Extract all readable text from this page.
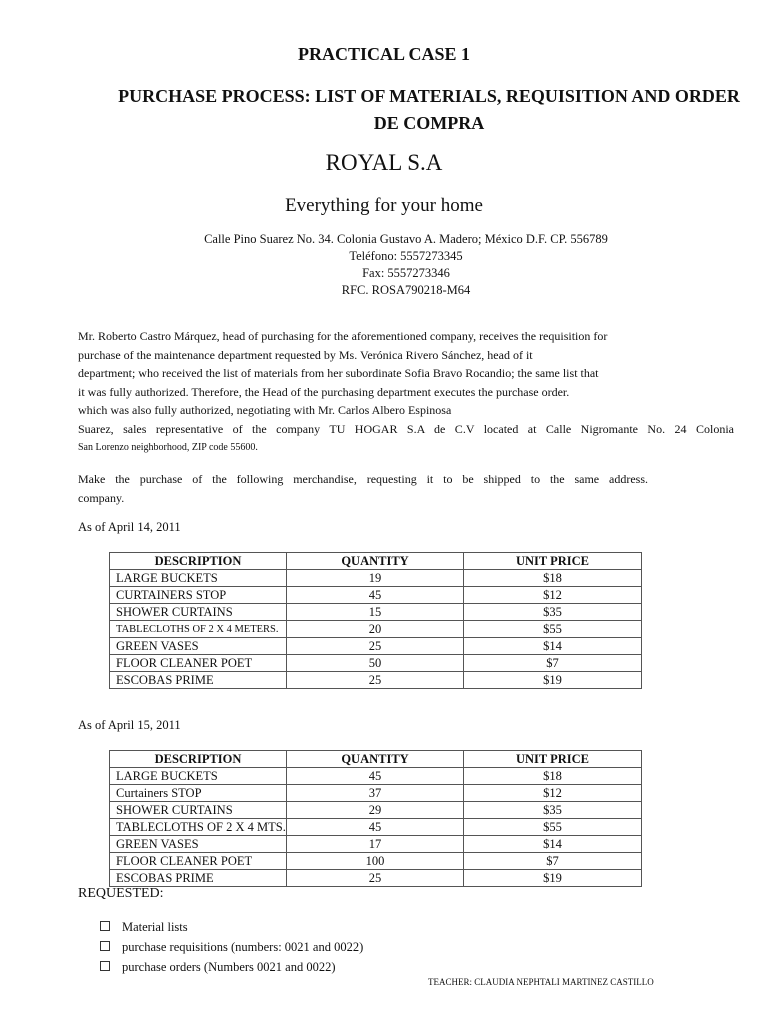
PRACTICAL CASE 1
PURCHASE PROCESS: LIST OF MATERIALS, REQUISITION AND ORDER
DE COMPRA
ROYAL S.A
Everything for your home
Calle Pino Suarez No. 34. Colonia Gustavo A. Madero; México D.F. CP. 556789
Teléfono: 5557273345
Fax: 5557273346
RFC. ROSA790218-M64
Mr. Roberto Castro Márquez, head of purchasing for the aforementioned company, receives the requisition for
purchase of the maintenance department requested by Ms. Verónica Rivero Sánchez, head of it
department; who received the list of materials from her subordinate Sofia Bravo Rocandio; the same list that
it was fully authorized. Therefore, the Head of the purchasing department executes the purchase order.
which was also fully authorized, negotiating with Mr. Carlos Albero Espinosa
Suarez, sales representative of the company TU HOGAR S.A de C.V located at Calle Nigromante No. 24 Colonia
San Lorenzo neighborhood, ZIP code 55600.
Make the purchase of the following merchandise, requesting it to be shipped to the same address.
company.
As of April 14, 2011
DESCRIPTION	QUANTITY	UNIT PRICE
LARGE BUCKETS	19	$18
CURTAINERS STOP	45	$12
SHOWER CURTAINS	15	$35
TABLECLOTHS OF 2 X 4 METERS.	20	$55
GREEN VASES	25	$14
FLOOR CLEANER POET	50	$7
ESCOBAS PRIME	25	$19
As of April 15, 2011
DESCRIPTION	QUANTITY	UNIT PRICE
LARGE BUCKETS	45	$18
Curtainers STOP	37	$12
SHOWER CURTAINS	29	$35
TABLECLOTHS OF 2 X 4 MTS.	45	$55
GREEN VASES	17	$14
FLOOR CLEANER POET	100	$7
ESCOBAS PRIME	25	$19
REQUESTED:
Material lists
purchase requisitions (numbers: 0021 and 0022)
purchase orders (Numbers 0021 and 0022)
TEACHER: CLAUDIA NEPHTALI MARTINEZ CASTILLO
